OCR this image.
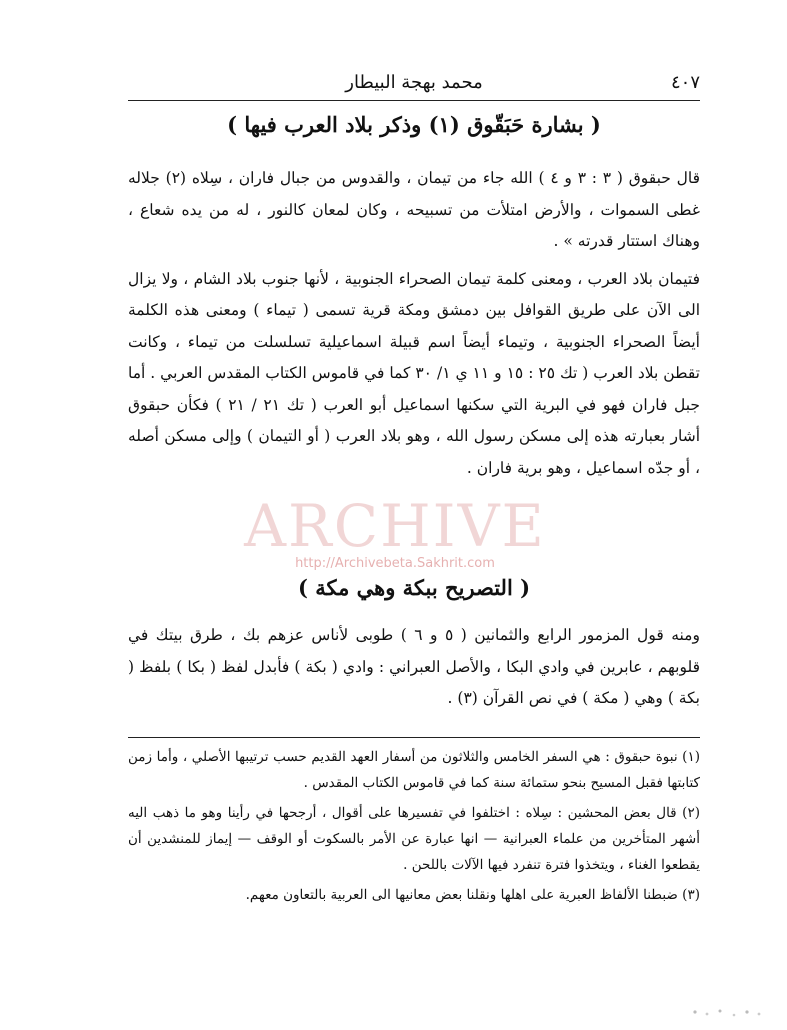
٤٠٧
محمد بهجة البيطار
( بشارة حَبَقّوق (١) وذكر بلاد العرب فيها )

قال حبقوق ( ٣ : ٣ و ٤ ) الله جاء من تيمان ، والقدوس من جبال فاران ، سِلاه (٢) جلاله غطى السموات ، والأرض امتلأت من تسبيحه ، وكان لمعان كالنور ، له من يده شعاع ، وهناك استتار قدرته » .

فتيمان بلاد العرب ، ومعنى كلمة تيمان الصحراء الجنوبية ، لأنها جنوب بلاد الشام ، ولا يزال الى الآن على طريق القوافل بين دمشق ومكة قرية تسمى ( تيماء ) ومعنى هذه الكلمة أيضاً الصحراء الجنوبية ، وتيماء أيضاً اسم قبيلة اسماعيلية تسلسلت من تيماء ، وكانت تقطن بلاد العرب ( تك ٢٥ : ١٥ و ١١ ي ١/ ٣٠ كما في قاموس الكتاب المقدس العربي . أما جبل فاران فهو في البرية التي سكنها اسماعيل أبو العرب ( تك ٢١ / ٢١ ) فكأن حبقوق أشار بعبارته هذه إلى مسكن رسول الله ، وهو بلاد العرب ( أو التيمان ) وإلى مسكن أصله ، أو جدّه اسماعيل ، وهو برية فاران .

( التصريح ببكة وهي مكة )

ومنه قول المزمور الرابع والثمانين ( ٥ و ٦ ) طوبى لأناس عزهم بك ، طرق بيتك في قلوبهم ، عابرين في وادي البكا ، والأصل العبراني : وادي ( بكة ) فأبدل لفظ ( بكا ) بلفظ ( بكة ) وهي ( مكة ) في نص القرآن (٣) .

(١) نبوة حبقوق : هي السفر الخامس والثلاثون من أسفار العهد القديم حسب ترتيبها الأصلي ، وأما زمن كتابتها فقبل المسيح بنحو ستمائة سنة كما في قاموس الكتاب المقدس .

(٢) قال بعض المحشين : سِلاه : اختلفوا في تفسيرها على أقوال ، أرجحها في رأينا وهو ما ذهب اليه أشهر المتأخرين من علماء العبرانية — انها عبارة عن الأمر بالسكوت أو الوقف — إيماز للمنشدين أن يقطعوا الغناء ، ويتخذوا فترة تنفرد فيها الآلات باللحن .

(٣) ضبطنا الألفاظ العبرية على اهلها ونقلنا بعض معانيها الى العربية بالتعاون معهم.

ARCHIVE
http://Archivebeta.Sakhrit.com
